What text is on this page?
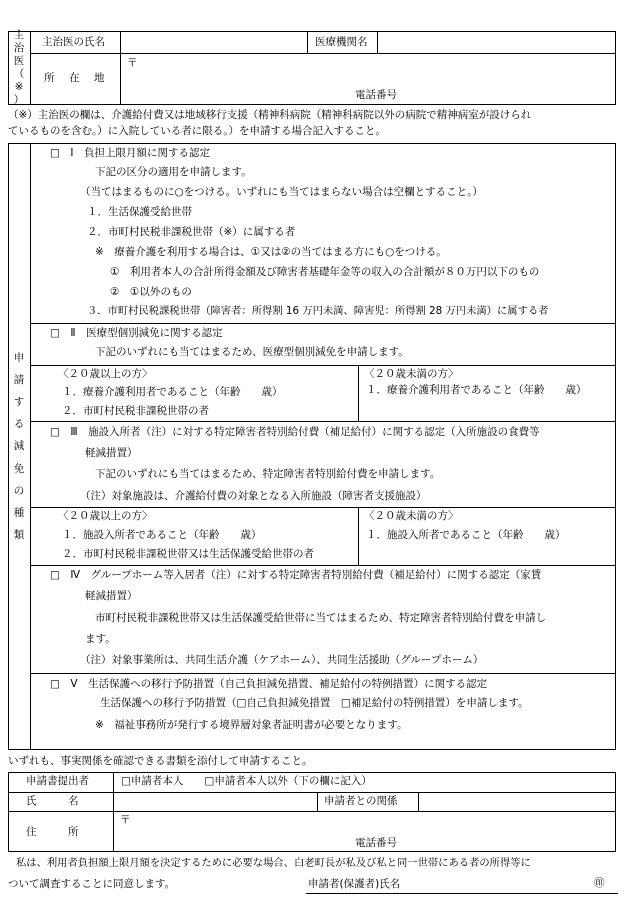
主
治
医
（
※
）
主治医の氏名	医療機関名
所　在　地
〒
電話番号
（※）主治医の欄は、介護給付費又は地域移行支援（精神科病院（精神科病院以外の病院で精神病室が設けられ
ているものを含む。）に入院している者に限る。）を申請する場合記入すること。
申
請
す
る
減
免
の
種
類
□　Ⅰ　負担上限月額に関する認定
下記の区分の適用を申請します。
（当てはまるものに○をつける。いずれにも当てはまらない場合は空欄とすること。）
１．生活保護受給世帯
２．市町村民税非課税世帯（※）に属する者
※　療養介護を利用する場合は、①又は②の当てはまる方にも○をつける。
①　利用者本人の合計所得金額及び障害者基礎年金等の収入の合計額が８０万円以下のもの
②　①以外のもの
３．市町村民税課税世帯（障害者：所得割 16 万円未満、障害児：所得割 28 万円未満）に属する者
□　Ⅱ　医療型個別減免に関する認定
下記のいずれにも当てはまるため、医療型個別減免を申請します。
〈２０歳以上の方〉
１．療養介護利用者であること（年齢　　歳）
２．市町村民税非課税世帯の者
〈２０歳未満の方〉
１．療養介護利用者であること（年齢　　歳）
□　Ⅲ　施設入所者（注）に対する特定障害者特別給付費（補足給付）に関する認定（入所施設の食費等
軽減措置）
下記のいずれにも当てはまるため、特定障害者特別給付費を申請します。
（注）対象施設は、介護給付費の対象となる入所施設（障害者支援施設）
〈２０歳以上の方〉
１．施設入所者であること（年齢　　歳）
２．市町村民税非課税世帯又は生活保護受給世帯の者
〈２０歳未満の方〉
１．施設入所者であること（年齢　　歳）
□　Ⅳ　グループホーム等入居者（注）に対する特定障害者特別給付費（補足給付）に関する認定（家賃
軽減措置）
市町村民税非課税世帯又は生活保護受給世帯に当てはまるため、特定障害者特別給付費を申請し
ます。
（注）対象事業所は、共同生活介護（ケアホーム）、共同生活援助（グループホーム）
□　Ⅴ　生活保護への移行予防措置（自己負担減免措置、補足給付の特例措置）に関する認定
生活保護への移行予防措置（□自己負担減免措置　□補足給付の特例措置）を申請します。
※　福祉事務所が発行する境界層対象者証明書が必要となります。
いずれも、事実関係を確認できる書類を添付して申請すること。
申請書提出者	□申請者本人　　□申請者本人以外（下の欄に記入）
氏　　　名	申請者との関係
住　　　所
〒
電話番号
私は、利用者負担額上限月額を決定するために必要な場合、白老町長が私及び私と同一世帯にある者の所得等に
ついて調査することに同意します。	申請者(保護者)氏名	㊞
